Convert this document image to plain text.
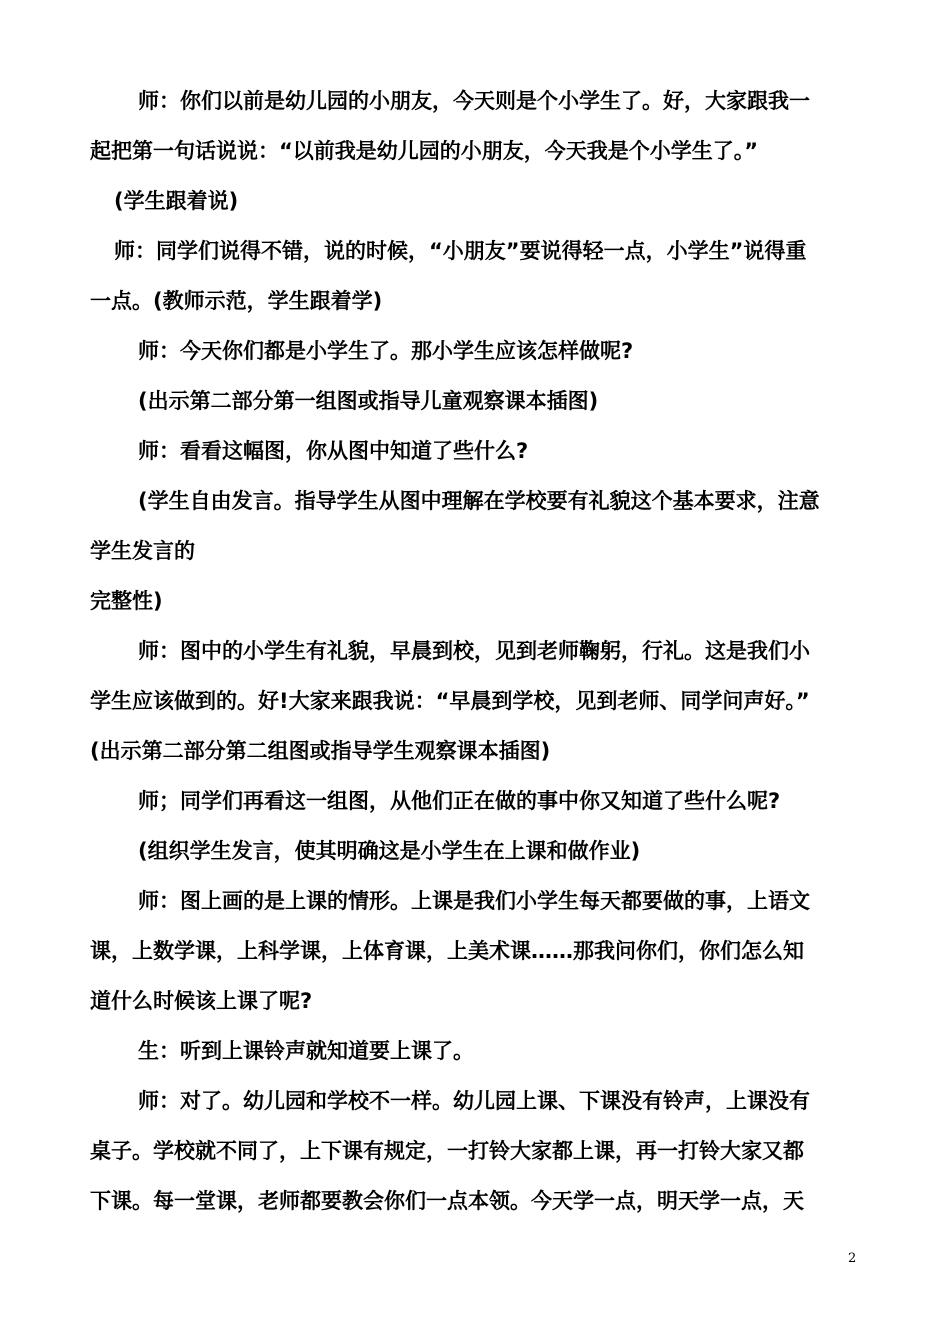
师：你们以前是幼儿园的小朋友，今天则是个小学生了。好，大家跟我一
起把第一句话说说：“以前我是幼儿园的小朋友，今天我是个小学生了。”
(学生跟着说)
师：同学们说得不错，说的时候，“小朋友”要说得轻一点，小学生”说得重
一点。(教师示范，学生跟着学)
师：今天你们都是小学生了。那小学生应该怎样做呢?
(出示第二部分第一组图或指导儿童观察课本插图)
师：看看这幅图，你从图中知道了些什么?
(学生自由发言。指导学生从图中理解在学校要有礼貌这个基本要求，注意
学生发言的
完整性)
师：图中的小学生有礼貌，早晨到校，见到老师鞠躬，行礼。这是我们小
学生应该做到的。好!大家来跟我说：“早晨到学校，见到老师、同学问声好。”
(出示第二部分第二组图或指导学生观察课本插图)
师；同学们再看这一组图，从他们正在做的事中你又知道了些什么呢?
(组织学生发言，使其明确这是小学生在上课和做作业)
师：图上画的是上课的情形。上课是我们小学生每天都要做的事，上语文
课，上数学课，上科学课，上体育课，上美术课……那我问你们，你们怎么知
道什么时候该上课了呢?
生：听到上课铃声就知道要上课了。
师：对了。幼儿园和学校不一样。幼儿园上课、下课没有铃声，上课没有
桌子。学校就不同了，上下课有规定，一打铃大家都上课，再一打铃大家又都
下课。每一堂课，老师都要教会你们一点本领。今天学一点，明天学一点，天
2
